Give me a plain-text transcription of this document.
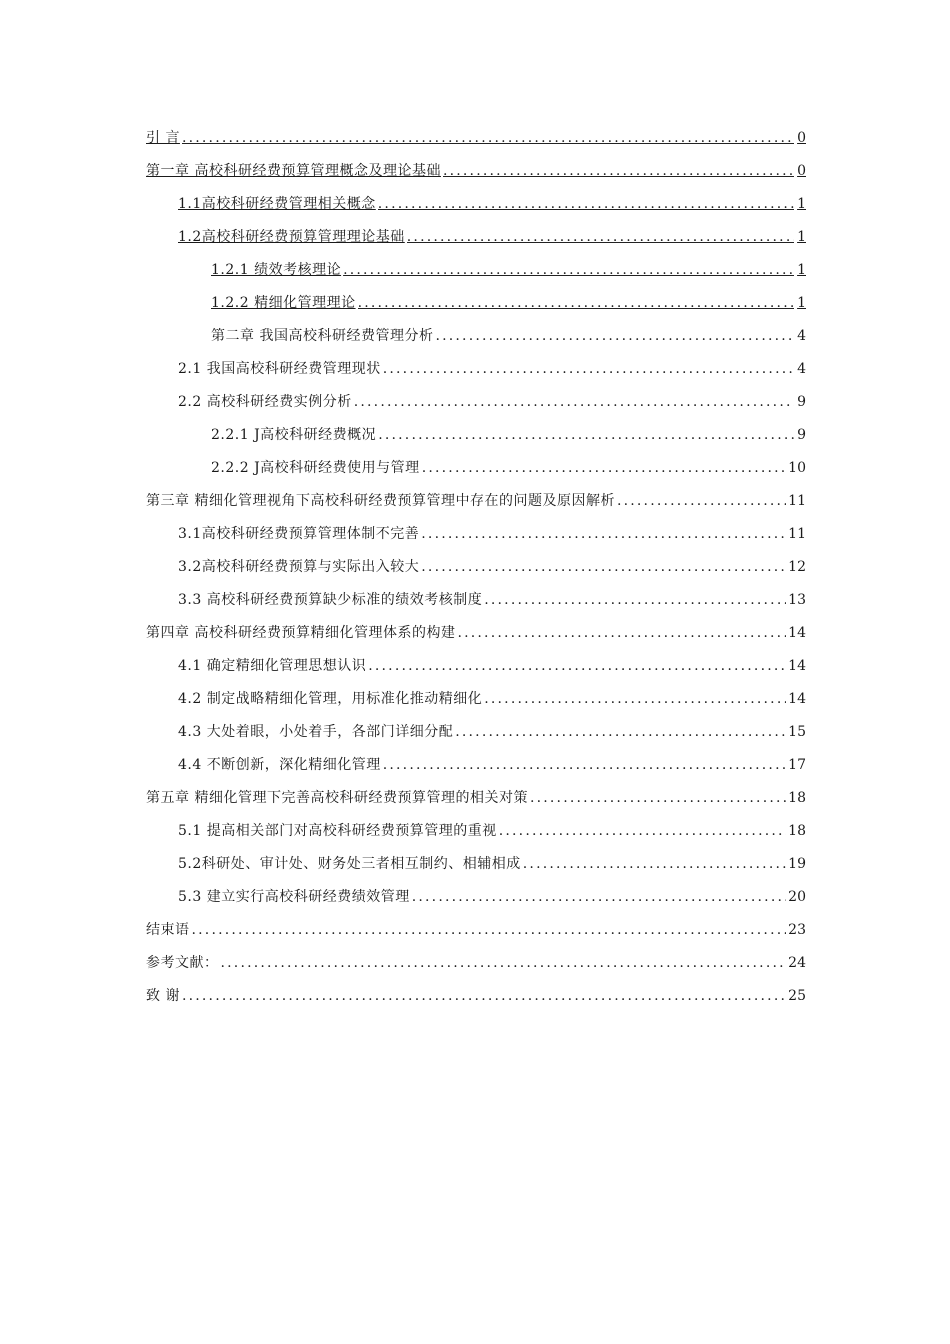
引 言 .....	0
第一章 高校科研经费预算管理概念及理论基础 .....	0
1.1高校科研经费管理相关概念 .....	1
1.2高校科研经费预算管理理论基础 .....	1
1.2.1 绩效考核理论 .....	1
1.2.2 精细化管理理论 .....	1
第二章 我国高校科研经费管理分析 .....	4
2.1 我国高校科研经费管理现状 .....	4
2.2 高校科研经费实例分析 .....	9
2.2.1 J高校科研经费概况 .....	9
2.2.2 J高校科研经费使用与管理 .....	10
第三章 精细化管理视角下高校科研经费预算管理中存在的问题及原因解析 .....	11
3.1高校科研经费预算管理体制不完善 .....	11
3.2高校科研经费预算与实际出入较大 .....	12
3.3 高校科研经费预算缺少标准的绩效考核制度 .....	13
第四章 高校科研经费预算精细化管理体系的构建 .....	14
4.1 确定精细化管理思想认识 .....	14
4.2 制定战略精细化管理，用标准化推动精细化 .....	14
4.3 大处着眼，小处着手，各部门详细分配 .....	15
4.4 不断创新，深化精细化管理 .....	17
第五章 精细化管理下完善高校科研经费预算管理的相关对策 .....	18
5.1 提高相关部门对高校科研经费预算管理的重视 .....	18
5.2科研处、审计处、财务处三者相互制约、相辅相成 .....	19
5.3 建立实行高校科研经费绩效管理 .....	20
结束语 .....	23
参考文献： .....	24
致 谢 .....	25
